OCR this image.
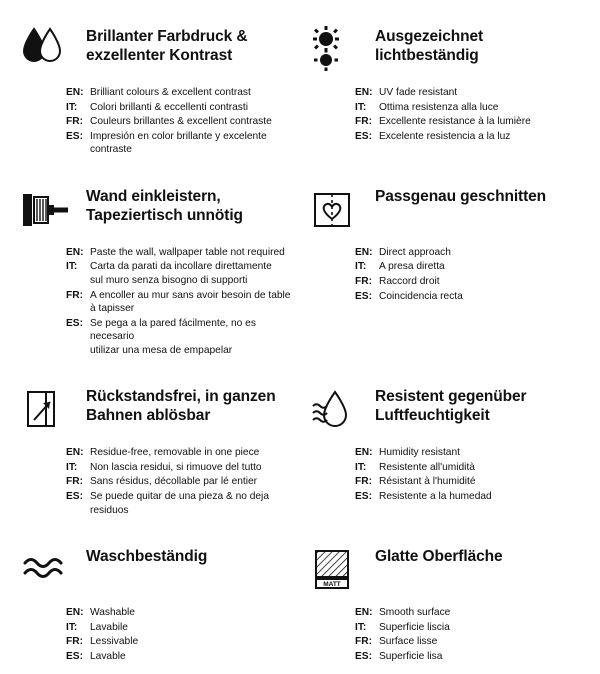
Brillanter Farbdruck & exzellenter Kontrast
EN: Brilliant colours & excellent contrast
IT:	Colori brillanti & eccellenti contrasti
FR: Couleurs brillantes & excellent contraste
ES: Impresión en color brillante y excelente contraste
Ausgezeichnet lichtbeständig
EN: UV fade resistant
IT:	Ottima resistenza alla luce
FR: Excellente resistance à la lumière
ES: Excelente resistencia a la luz
Wand einkleistern, Tapeziertisch unnötig
EN: Paste the wall, wallpaper table not required
IT:	Carta da parati da incollare direttamente
sul muro senza bisogno di supporti
FR: A encoller au mur sans avoir besoin de table à tapisser
ES: Se pega a la pared fácilmente, no es necesario
utilizar una mesa de empapelar
Passgenau geschnitten
EN: Direct approach
IT:	A presa diretta
FR: Raccord droit
ES: Coincidencia recta
Rückstandsfrei, in ganzen Bahnen ablösbar
EN: Residue-free, removable in one piece
IT:	Non lascia residui, si rimuove del tutto
FR: Sans résidus, décollable par lé entier
ES: Se puede quitar de una pieza & no deja residuos
Resistent gegenüber Luftfeuchtigkeit
EN: Humidity resistant
IT:	Resistente all'umidità
FR: Résistant à l'humidité
ES: Resistente a la humedad
Waschbeständig
EN: Washable
IT:	Lavabile
FR: Lessivable
ES: Lavable
MATT
Glatte Oberfläche
EN: Smooth surface
IT:	Superficie liscia
FR: Surface lisse
ES: Superficie lisa
